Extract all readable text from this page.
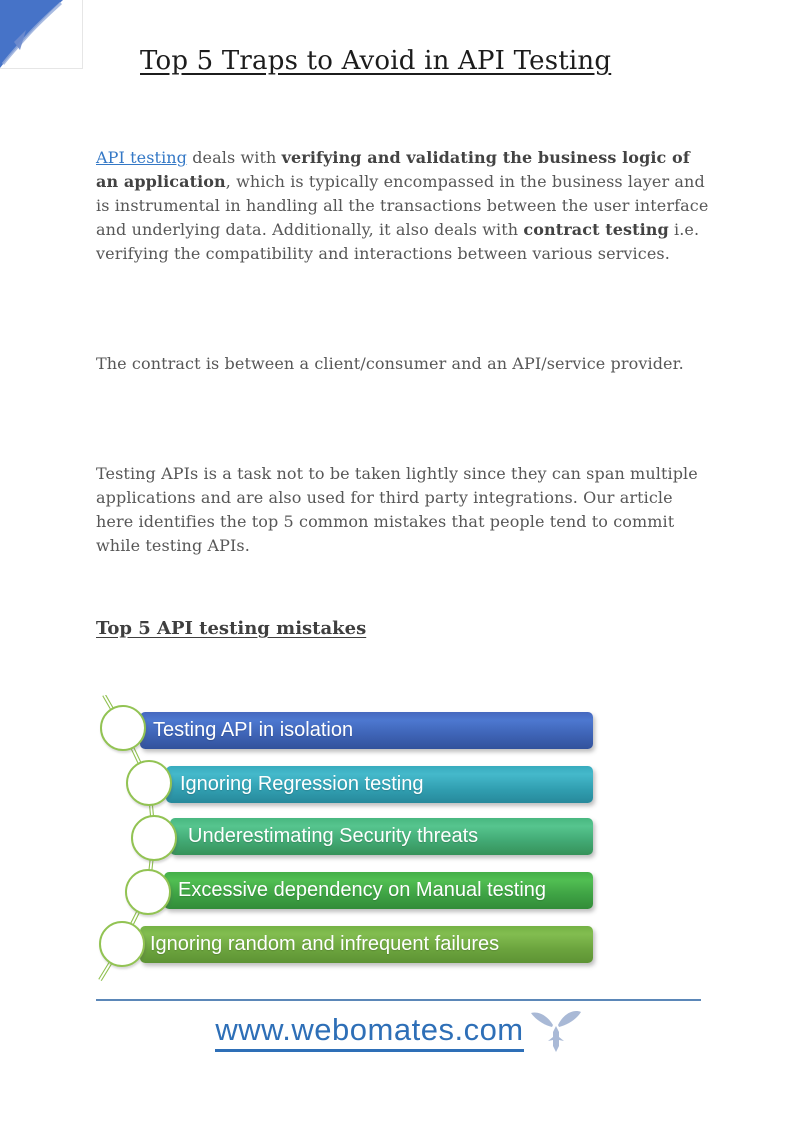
Top 5 Traps to Avoid in API Testing

API testing deals with verifying and validating the business logic of an application, which is typically encompassed in the business layer and is instrumental in handling all the transactions between the user interface and underlying data. Additionally, it also deals with contract testing i.e. verifying the compatibility and interactions between various services.

The contract is between a client/consumer and an API/service provider.

Testing APIs is a task not to be taken lightly since they can span multiple applications and are also used for third party integrations. Our article here identifies the top 5 common mistakes that people tend to commit while testing APIs.

Top 5 API testing mistakes
Testing API in isolation
Ignoring Regression testing
Underestimating Security threats
Excessive dependency on Manual testing
Ignoring random and infrequent failures
www.webomates.com
